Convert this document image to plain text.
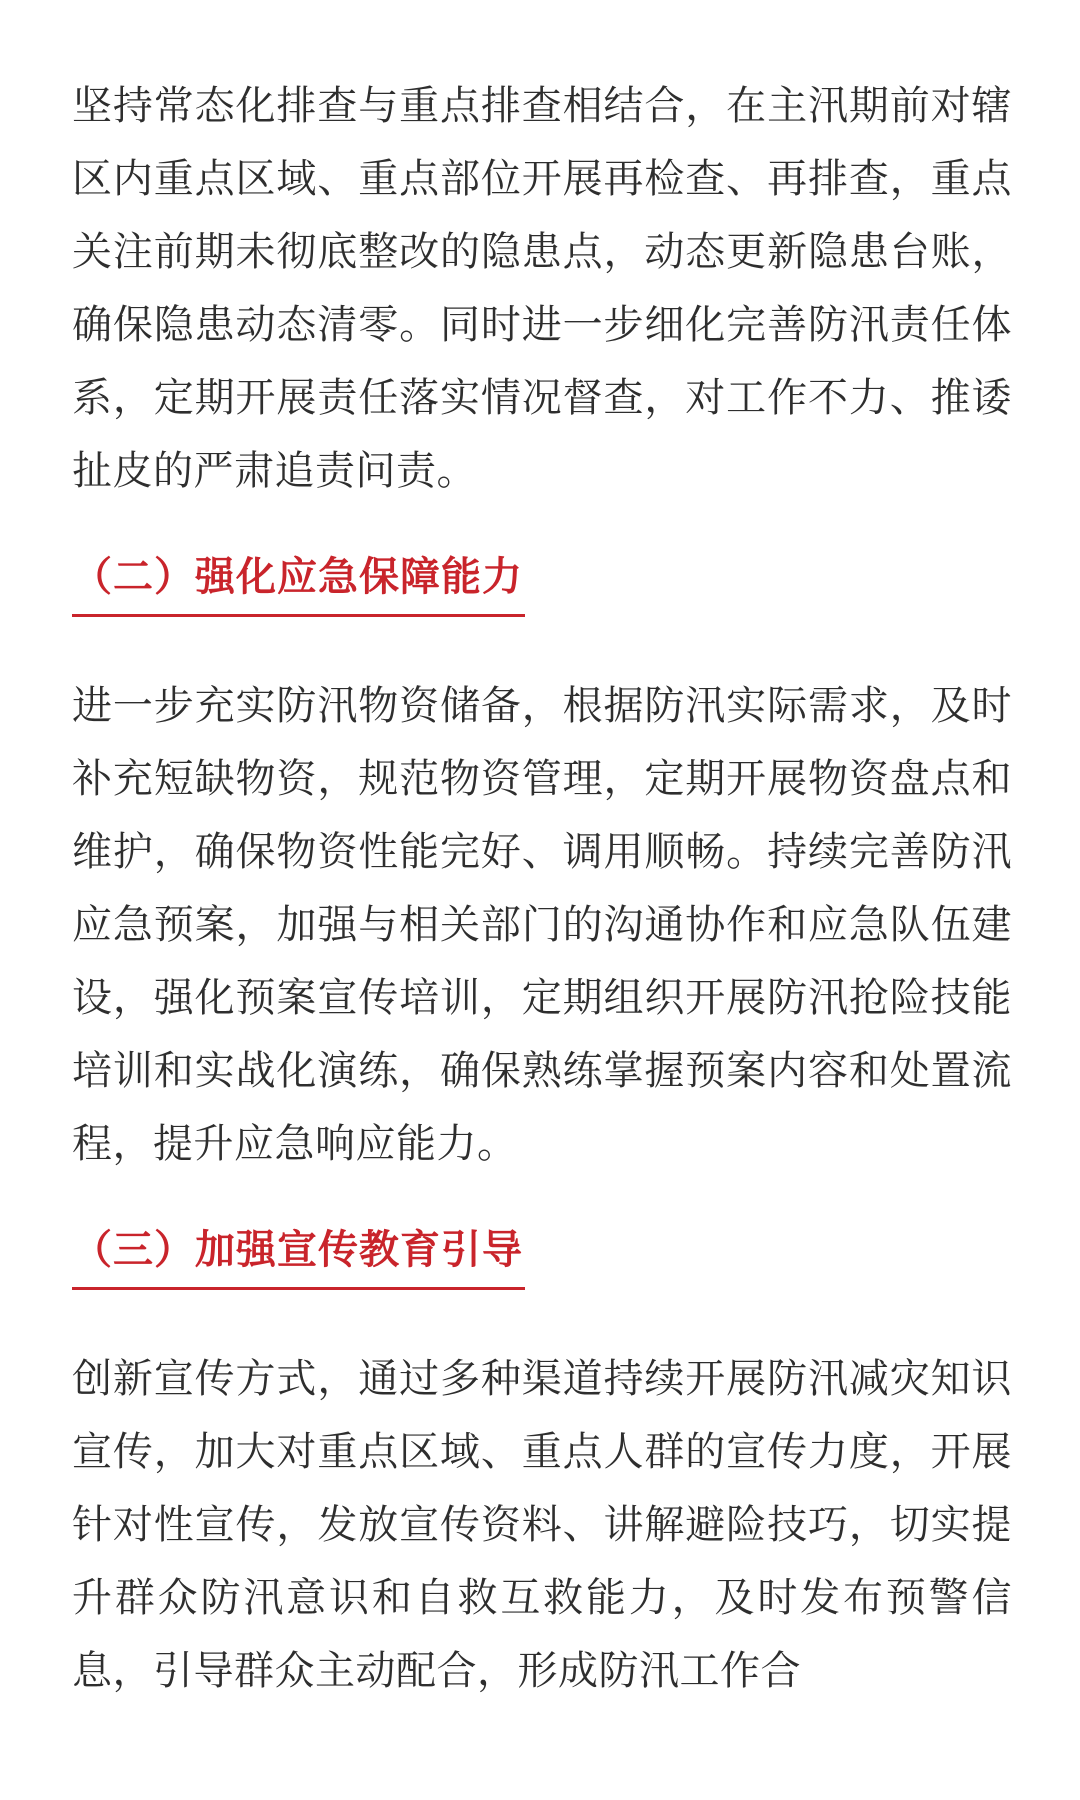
坚持常态化排查与重点排查相结合，在主汛期前对辖区内重点区域、重点部位开展再检查、再排查，重点关注前期未彻底整改的隐患点，动态更新隐患台账，确保隐患动态清零。同时进一步细化完善防汛责任体系，定期开展责任落实情况督查，对工作不力、推诿扯皮的严肃追责问责。

（二）强化应急保障能力

进一步充实防汛物资储备，根据防汛实际需求，及时补充短缺物资，规范物资管理，定期开展物资盘点和维护，确保物资性能完好、调用顺畅。持续完善防汛应急预案，加强与相关部门的沟通协作和应急队伍建设，强化预案宣传培训，定期组织开展防汛抢险技能培训和实战化演练，确保熟练掌握预案内容和处置流程，提升应急响应能力。

（三）加强宣传教育引导

创新宣传方式，通过多种渠道持续开展防汛减灾知识宣传，加大对重点区域、重点人群的宣传力度，开展针对性宣传，发放宣传资料、讲解避险技巧，切实提升群众防汛意识和自救互救能力，及时发布预警信息，引导群众主动配合，形成防汛工作合
